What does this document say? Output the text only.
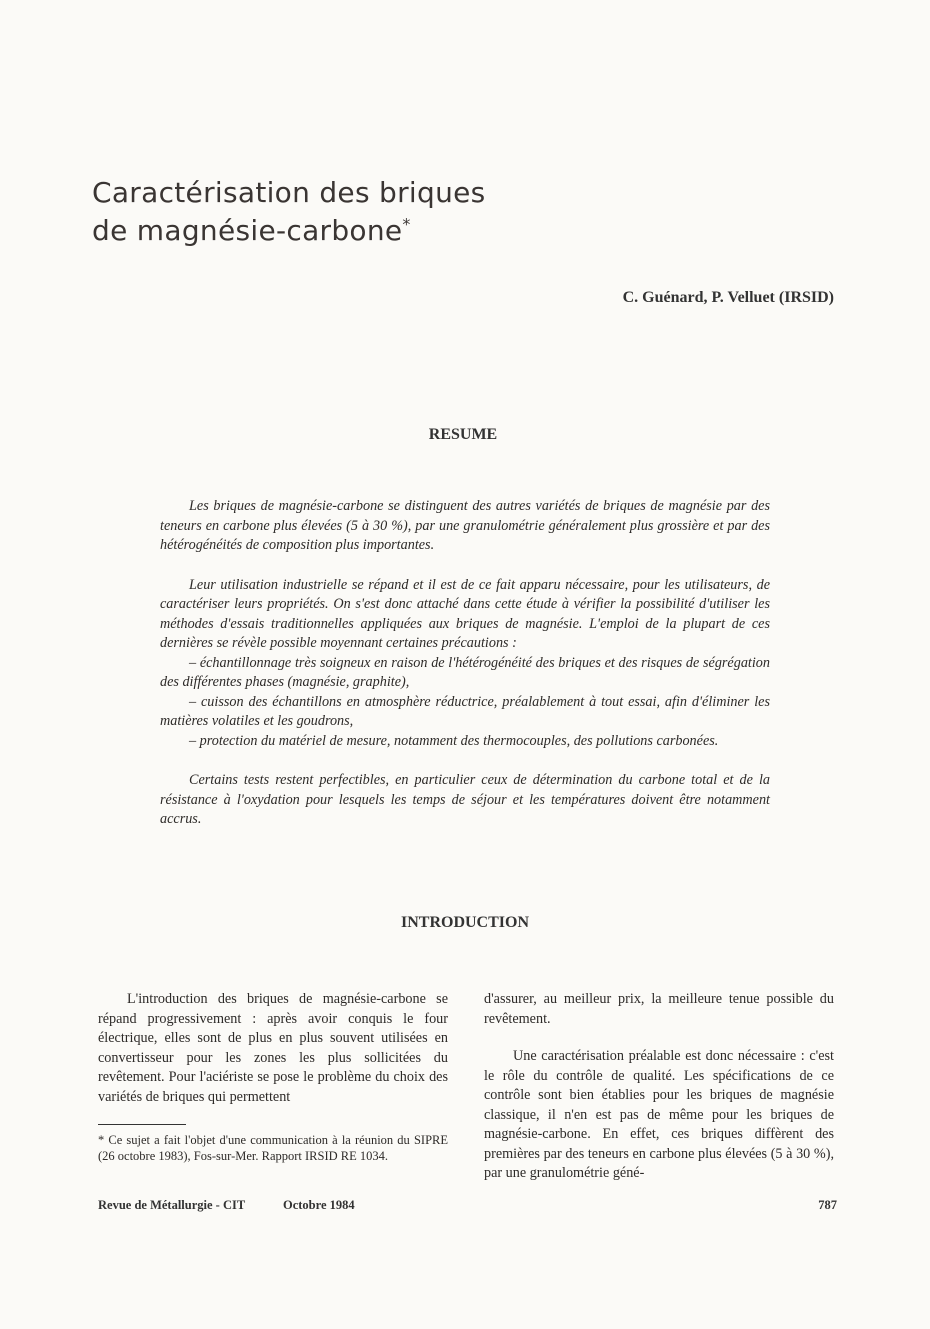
Caractérisation des briques
de magnésie-carbone*
C. Guénard, P. Velluet (IRSID)
RESUME

Les briques de magnésie-carbone se distinguent des autres variétés de briques de magnésie par des teneurs en carbone plus élevées (5 à 30 %), par une granulométrie généralement plus grossière et par des hétérogénéités de composition plus importantes.

Leur utilisation industrielle se répand et il est de ce fait apparu nécessaire, pour les utilisateurs, de caractériser leurs propriétés. On s'est donc attaché dans cette étude à vérifier la possibilité d'utiliser les méthodes d'essais traditionnelles appliquées aux briques de magnésie. L'emploi de la plupart de ces dernières se révèle possible moyennant certaines précautions :

– échantillonnage très soigneux en raison de l'hétérogénéité des briques et des risques de ségrégation des différentes phases (magnésie, graphite),

– cuisson des échantillons en atmosphère réductrice, préalablement à tout essai, afin d'éliminer les matières volatiles et les goudrons,

– protection du matériel de mesure, notamment des thermocouples, des pollutions carbonées.

Certains tests restent perfectibles, en particulier ceux de détermination du carbone total et de la résistance à l'oxydation pour lesquels les temps de séjour et les températures doivent être notamment accrus.

INTRODUCTION

L'introduction des briques de magnésie-carbone se répand progressivement : après avoir conquis le four électrique, elles sont de plus en plus souvent utilisées en convertisseur pour les zones les plus sollicitées du revêtement. Pour l'aciériste se pose le problème du choix des variétés de briques qui permettent

d'assurer, au meilleur prix, la meilleure tenue possible du revêtement.

Une caractérisation préalable est donc nécessaire : c'est le rôle du contrôle de qualité. Les spécifications de ce contrôle sont bien établies pour les briques de magnésie classique, il n'en est pas de même pour les briques de magnésie-carbone. En effet, ces briques diffèrent des premières par des teneurs en carbone plus élevées (5 à 30 %), par une granulométrie géné-

* Ce sujet a fait l'objet d'une communication à la réunion du SIPRE (26 octobre 1983), Fos-sur-Mer. Rapport IRSID RE 1034.
Revue de Métallurgie - CIT	Octobre 1984	787
